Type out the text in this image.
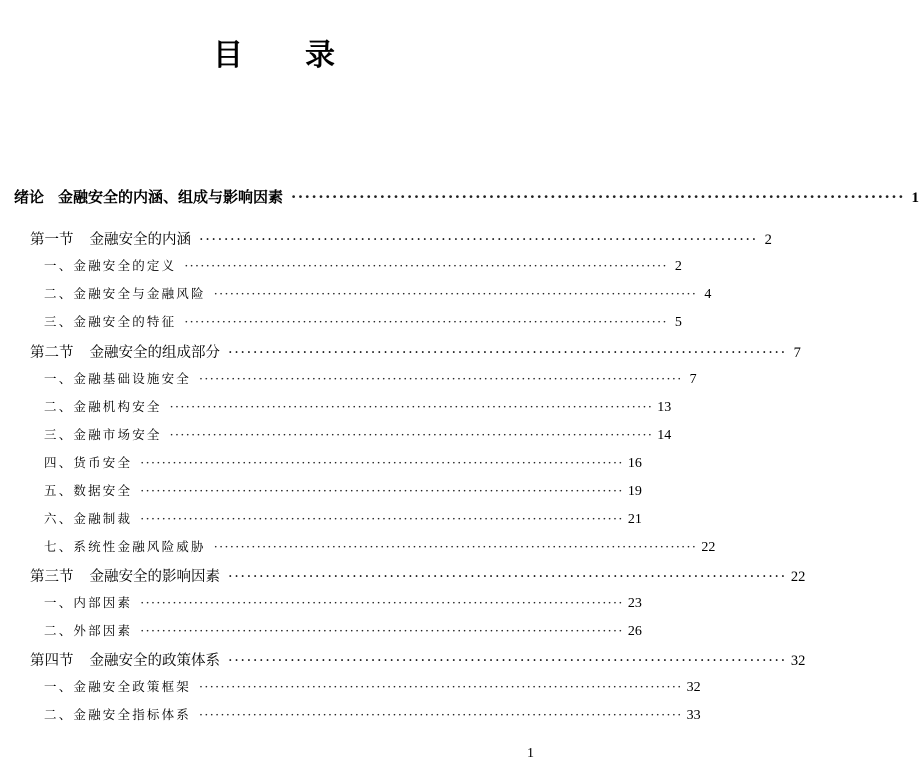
目 录
绪论 金融安全的内涵、组成与影响因素 ·························································································· 1
第一节 金融安全的内涵 ·························································································· 2
一、金融安全的定义 ·························································································· 2
二、金融安全与金融风险 ·························································································· 4
三、金融安全的特征 ·························································································· 5
第二节 金融安全的组成部分 ·························································································· 7
一、金融基础设施安全 ·························································································· 7
二、金融机构安全 ·························································································· 13
三、金融市场安全 ·························································································· 14
四、货币安全 ·························································································· 16
五、数据安全 ·························································································· 19
六、金融制裁 ·························································································· 21
七、系统性金融风险威胁 ·························································································· 22
第三节 金融安全的影响因素 ·························································································· 22
一、内部因素 ·························································································· 23
二、外部因素 ·························································································· 26
第四节 金融安全的政策体系 ·························································································· 32
一、金融安全政策框架 ·························································································· 32
二、金融安全指标体系 ·························································································· 33
1
